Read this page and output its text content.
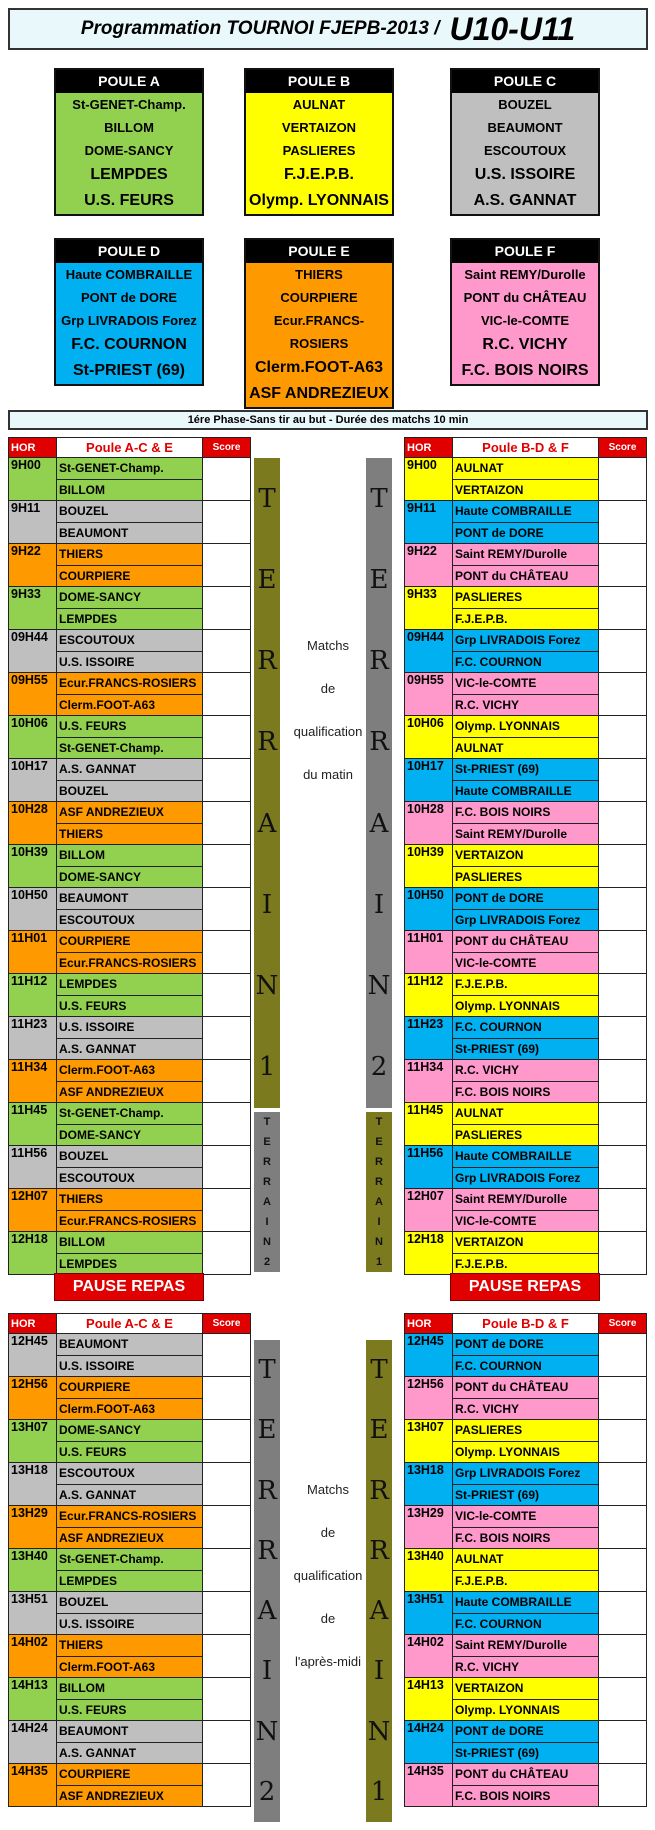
Programmation TOURNOI FJEPB-2013 / U10-U11
POULE A
St-GENET-Champ.
BILLOM
DOME-SANCY
LEMPDES
U.S. FEURS
POULE B
AULNAT
VERTAIZON
PASLIERES
F.J.E.P.B.
Olymp. LYONNAIS
POULE C
BOUZEL
BEAUMONT
ESCOUTOUX
U.S. ISSOIRE
A.S. GANNAT
POULE D
Haute COMBRAILLE
PONT de DORE
Grp LIVRADOIS Forez
F.C. COURNON
St-PRIEST (69)
POULE E
THIERS
COURPIERE
Ecur.FRANCS-ROSIERS
Clerm.FOOT-A63
ASF ANDREZIEUX
POULE F
Saint REMY/Durolle
PONT du CHÂTEAU
VIC-le-COMTE
R.C. VICHY
F.C. BOIS NOIRS
1ére Phase-Sans tir au but - Durée des matchs 10 min
HOR	Poule A-C & E	Score
9H00	St-GENET-Champ.	
	BILLOM	
9H11	BOUZEL	
	BEAUMONT	
9H22	THIERS	
	COURPIERE	
9H33	DOME-SANCY	
	LEMPDES	
09H44	ESCOUTOUX	
	U.S. ISSOIRE	
09H55	Ecur.FRANCS-ROSIERS	
	Clerm.FOOT-A63	
10H06	U.S. FEURS	
	St-GENET-Champ.	
10H17	A.S. GANNAT	
	BOUZEL	
10H28	ASF ANDREZIEUX	
	THIERS	
10H39	BILLOM	
	DOME-SANCY	
10H50	BEAUMONT	
	ESCOUTOUX	
11H01	COURPIERE	
	Ecur.FRANCS-ROSIERS	
11H12	LEMPDES	
	U.S. FEURS	
11H23	U.S. ISSOIRE	
	A.S. GANNAT	
11H34	Clerm.FOOT-A63	
	ASF ANDREZIEUX	
11H45	St-GENET-Champ.	
	DOME-SANCY	
11H56	BOUZEL	
	ESCOUTOUX	
12H07	THIERS	
	Ecur.FRANCS-ROSIERS	
12H18	BILLOM	
	LEMPDES	
HOR	Poule B-D & F	Score
9H00	AULNAT	
	VERTAIZON	
9H11	Haute COMBRAILLE	
	PONT de DORE	
9H22	Saint REMY/Durolle	
	PONT du CHÂTEAU	
9H33	PASLIERES	
	F.J.E.P.B.	
09H44	Grp LIVRADOIS Forez	
	F.C. COURNON	
09H55	VIC-le-COMTE	
	R.C. VICHY	
10H06	Olymp. LYONNAIS	
	AULNAT	
10H17	St-PRIEST (69)	
	Haute COMBRAILLE	
10H28	F.C. BOIS NOIRS	
	Saint REMY/Durolle	
10H39	VERTAIZON	
	PASLIERES	
10H50	PONT de DORE	
	Grp LIVRADOIS Forez	
11H01	PONT du CHÂTEAU	
	VIC-le-COMTE	
11H12	F.J.E.P.B.	
	Olymp. LYONNAIS	
11H23	F.C. COURNON	
	St-PRIEST (69)	
11H34	R.C. VICHY	
	F.C. BOIS NOIRS	
11H45	AULNAT	
	PASLIERES	
11H56	Haute COMBRAILLE	
	Grp LIVRADOIS Forez	
12H07	Saint REMY/Durolle	
	VIC-le-COMTE	
12H18	VERTAIZON	
	F.J.E.P.B.	
HOR	Poule A-C & E	Score
12H45	BEAUMONT	
	U.S. ISSOIRE	
12H56	COURPIERE	
	Clerm.FOOT-A63	
13H07	DOME-SANCY	
	U.S. FEURS	
13H18	ESCOUTOUX	
	A.S. GANNAT	
13H29	Ecur.FRANCS-ROSIERS	
	ASF ANDREZIEUX	
13H40	St-GENET-Champ.	
	LEMPDES	
13H51	BOUZEL	
	U.S. ISSOIRE	
14H02	THIERS	
	Clerm.FOOT-A63	
14H13	BILLOM	
	U.S. FEURS	
14H24	BEAUMONT	
	A.S. GANNAT	
14H35	COURPIERE	
	ASF ANDREZIEUX	
HOR	Poule B-D & F	Score
12H45	PONT de DORE	
	F.C. COURNON	
12H56	PONT du CHÂTEAU	
	R.C. VICHY	
13H07	PASLIERES	
	Olymp. LYONNAIS	
13H18	Grp LIVRADOIS Forez	
	St-PRIEST (69)	
13H29	VIC-le-COMTE	
	F.C. BOIS NOIRS	
13H40	AULNAT	
	F.J.E.P.B.	
13H51	Haute COMBRAILLE	
	F.C. COURNON	
14H02	Saint REMY/Durolle	
	R.C. VICHY	
14H13	VERTAIZON	
	Olymp. LYONNAIS	
14H24	PONT de DORE	
	St-PRIEST (69)	
14H35	PONT du CHÂTEAU	
	F.C. BOIS NOIRS	
T
E
R
R
A
I
N
1
T
E
R
R
A
I
N
2
T
E
R
R
A
I
N
2
T
E
R
R
A
I
N
1
T
E
R
R
A
I
N
2
T
E
R
R
A
I
N
1
Matchs
de
qualification
du matin
Matchs
de
qualification
de
l'après-midi
PAUSE REPAS	PAUSE REPAS
